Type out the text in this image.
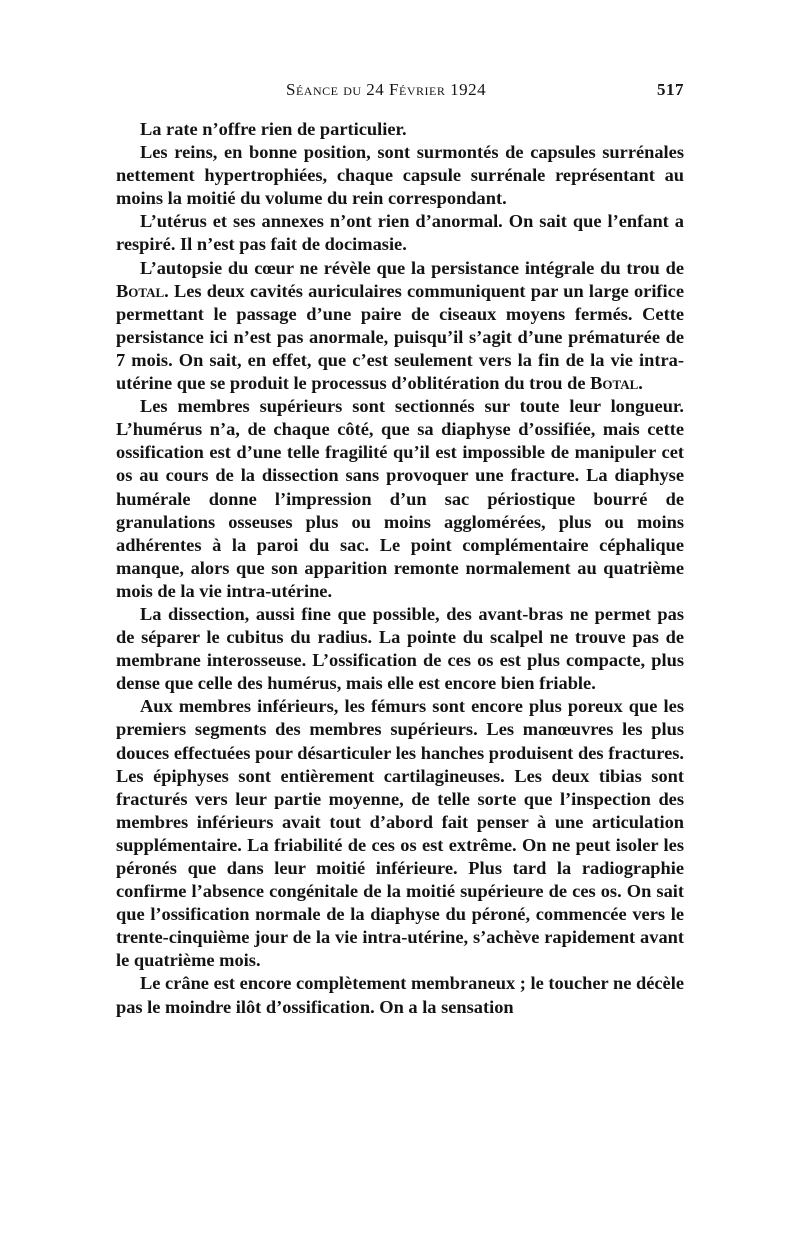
Séance du 24 Février 1924	517

La rate n’offre rien de particulier.

Les reins, en bonne position, sont surmontés de capsules surrénales nettement hypertrophiées, chaque capsule surrénale représentant au moins la moitié du volume du rein correspondant.

L’utérus et ses annexes n’ont rien d’anormal. On sait que l’enfant a respiré. Il n’est pas fait de docimasie.

L’autopsie du cœur ne révèle que la persistance intégrale du trou de Botal. Les deux cavités auriculaires communiquent par un large orifice permettant le passage d’une paire de ciseaux moyens fermés. Cette persistance ici n’est pas anormale, puisqu’il s’agit d’une prématurée de 7 mois. On sait, en effet, que c’est seulement vers la fin de la vie intra-utérine que se produit le processus d’oblitération du trou de Botal.

Les membres supérieurs sont sectionnés sur toute leur longueur. L’humérus n’a, de chaque côté, que sa diaphyse d’ossifiée, mais cette ossification est d’une telle fragilité qu’il est impossible de manipuler cet os au cours de la dissection sans provoquer une fracture. La diaphyse humérale donne l’impression d’un sac périostique bourré de granulations osseuses plus ou moins agglomérées, plus ou moins adhérentes à la paroi du sac. Le point complémentaire céphalique manque, alors que son apparition remonte normalement au quatrième mois de la vie intra-utérine.

La dissection, aussi fine que possible, des avant-bras ne permet pas de séparer le cubitus du radius. La pointe du scalpel ne trouve pas de membrane interosseuse. L’ossification de ces os est plus compacte, plus dense que celle des humérus, mais elle est encore bien friable.

Aux membres inférieurs, les fémurs sont encore plus poreux que les premiers segments des membres supérieurs. Les manœuvres les plus douces effectuées pour désarticuler les hanches produisent des fractures. Les épiphyses sont entièrement cartilagineuses. Les deux tibias sont fracturés vers leur partie moyenne, de telle sorte que l’inspection des membres inférieurs avait tout d’abord fait penser à une articulation supplémentaire. La friabilité de ces os est extrême. On ne peut isoler les péronés que dans leur moitié inférieure. Plus tard la radiographie confirme l’absence congénitale de la moitié supérieure de ces os. On sait que l’ossification normale de la diaphyse du péroné, commencée vers le trente-cinquième jour de la vie intra-utérine, s’achève rapidement avant le quatrième mois.

Le crâne est encore complètement membraneux ; le toucher ne décèle pas le moindre ilôt d’ossification. On a la sensation
